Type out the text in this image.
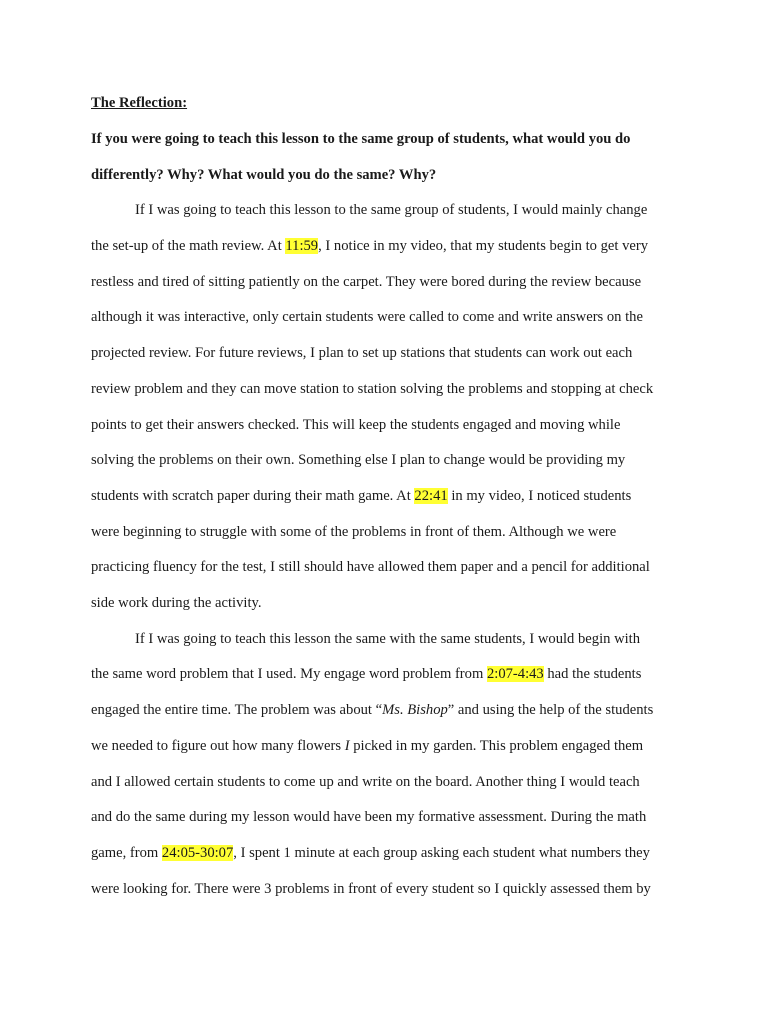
The Reflection:
If you were going to teach this lesson to the same group of students, what would you do
differently? Why? What would you do the same? Why?
If I was going to teach this lesson to the same group of students, I would mainly change
the set-up of the math review. At 11:59, I notice in my video, that my students begin to get very
restless and tired of sitting patiently on the carpet. They were bored during the review because
although it was interactive, only certain students were called to come and write answers on the
projected review. For future reviews, I plan to set up stations that students can work out each
review problem and they can move station to station solving the problems and stopping at check
points to get their answers checked. This will keep the students engaged and moving while
solving the problems on their own. Something else I plan to change would be providing my
students with scratch paper during their math game. At 22:41 in my video, I noticed students
were beginning to struggle with some of the problems in front of them. Although we were
practicing fluency for the test, I still should have allowed them paper and a pencil for additional
side work during the activity.
If I was going to teach this lesson the same with the same students, I would begin with
the same word problem that I used. My engage word problem from 2:07-4:43 had the students
engaged the entire time. The problem was about “Ms. Bishop” and using the help of the students
we needed to figure out how many flowers I picked in my garden. This problem engaged them
and I allowed certain students to come up and write on the board. Another thing I would teach
and do the same during my lesson would have been my formative assessment. During the math
game, from 24:05-30:07, I spent 1 minute at each group asking each student what numbers they
were looking for. There were 3 problems in front of every student so I quickly assessed them by
